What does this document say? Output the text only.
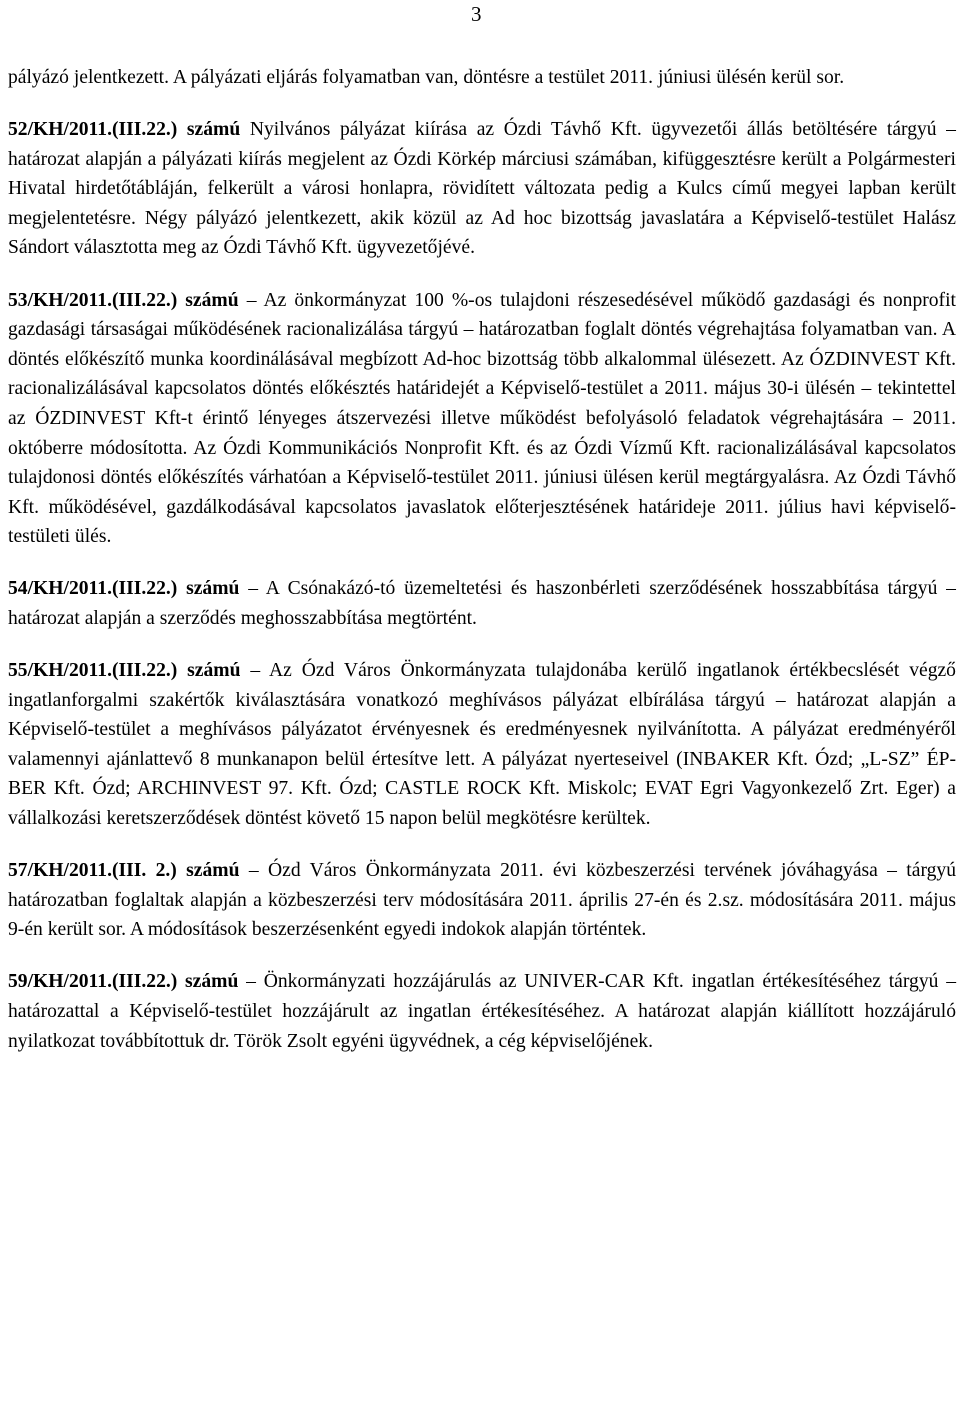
3

pályázó jelentkezett. A pályázati eljárás folyamatban van, döntésre a testület 2011. júniusi ülésén kerül sor.

52/KH/2011.(III.22.) számú Nyilvános pályázat kiírása az Ózdi Távhő Kft. ügyvezetői állás betöltésére tárgyú – határozat alapján a pályázati kiírás megjelent az Ózdi Körkép márciusi számában, kifüggesztésre került a Polgármesteri Hivatal hirdetőtábláján, felkerült a városi honlapra, rövidített változata pedig a Kulcs című megyei lapban került megjelentetésre. Négy pályázó jelentkezett, akik közül az Ad hoc bizottság javaslatára a Képviselő-testület Halász Sándort választotta meg az Ózdi Távhő Kft. ügyvezetőjévé.

53/KH/2011.(III.22.) számú – Az önkormányzat 100 %-os tulajdoni részesedésével működő gazdasági és nonprofit gazdasági társaságai működésének racionalizálása tárgyú – határozatban foglalt döntés végrehajtása folyamatban van. A döntés előkészítő munka koordinálásával megbízott Ad-hoc bizottság több alkalommal ülésezett. Az ÓZDINVEST Kft. racionalizálásával kapcsolatos döntés előkésztés határidejét a Képviselő-testület a 2011. május 30-i ülésén – tekintettel az ÓZDINVEST Kft-t érintő lényeges átszervezési illetve működést befolyásoló feladatok végrehajtására – 2011. októberre módosította. Az Ózdi Kommunikációs Nonprofit Kft. és az Ózdi Vízmű Kft. racionalizálásával kapcsolatos tulajdonosi döntés előkészítés várhatóan a Képviselő-testület 2011. júniusi ülésen kerül megtárgyalásra. Az Ózdi Távhő Kft. működésével, gazdálkodásával kapcsolatos javaslatok előterjesztésének határideje 2011. július havi képviselő-testületi ülés.

54/KH/2011.(III.22.) számú – A Csónakázó-tó üzemeltetési és haszonbérleti szerződésének hosszabbítása tárgyú – határozat alapján a szerződés meghosszabbítása megtörtént.

55/KH/2011.(III.22.) számú – Az Ózd Város Önkormányzata tulajdonába kerülő ingatlanok értékbecslését végző ingatlanforgalmi szakértők kiválasztására vonatkozó meghívásos pályázat elbírálása tárgyú – határozat alapján a Képviselő-testület a meghívásos pályázatot érvényesnek és eredményesnek nyilvánította. A pályázat eredményéről valamennyi ajánlattevő 8 munkanapon belül értesítve lett. A pályázat nyerteseivel (INBAKER Kft. Ózd; „L-SZ” ÉP-BER Kft. Ózd; ARCHINVEST 97. Kft. Ózd; CASTLE ROCK Kft. Miskolc; EVAT Egri Vagyonkezelő Zrt. Eger) a vállalkozási keretszerződések döntést követő 15 napon belül megkötésre kerültek.

57/KH/2011.(III. 2.) számú – Ózd Város Önkormányzata 2011. évi közbeszerzési tervének jóváhagyása – tárgyú határozatban foglaltak alapján a közbeszerzési terv módosítására 2011. április 27-én és 2.sz. módosítására 2011. május 9-én került sor. A módosítások beszerzésenként egyedi indokok alapján történtek.

59/KH/2011.(III.22.) számú – Önkormányzati hozzájárulás az UNIVER-CAR Kft. ingatlan értékesítéséhez tárgyú – határozattal a Képviselő-testület hozzájárult az ingatlan értékesítéséhez. A határozat alapján kiállított hozzájáruló nyilatkozat továbbítottuk dr. Török Zsolt egyéni ügyvédnek, a cég képviselőjének.
